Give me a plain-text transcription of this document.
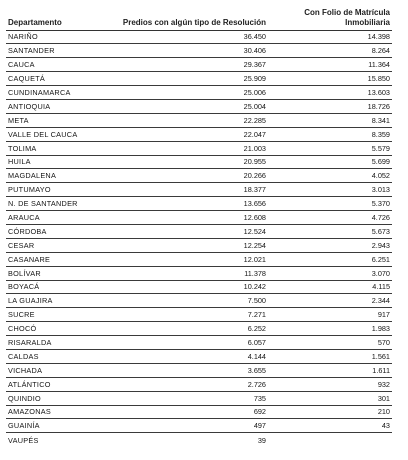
Departamento	Predios con algún tipo de Resolución	Con Folio de Matrícula Inmobiliaria
NARIÑO	36.450	14.398
SANTANDER	30.406	8.264
CAUCA	29.367	11.364
CAQUETÁ	25.909	15.850
CUNDINAMARCA	25.006	13.603
ANTIOQUIA	25.004	18.726
META	22.285	8.341
VALLE DEL CAUCA	22.047	8.359
TOLIMA	21.003	5.579
HUILA	20.955	5.699
MAGDALENA	20.266	4.052
PUTUMAYO	18.377	3.013
N. DE SANTANDER	13.656	5.370
ARAUCA	12.608	4.726
CÓRDOBA	12.524	5.673
CESAR	12.254	2.943
CASANARE	12.021	6.251
BOLÍVAR	11.378	3.070
BOYACÁ	10.242	4.115
LA GUAJIRA	7.500	2.344
SUCRE	7.271	917
CHOCÓ	6.252	1.983
RISARALDA	6.057	570
CALDAS	4.144	1.561
VICHADA	3.655	1.611
ATLÁNTICO	2.726	932
QUINDIO	735	301
AMAZONAS	692	210
GUAINÍA	497	43
VAUPÉS	39	
